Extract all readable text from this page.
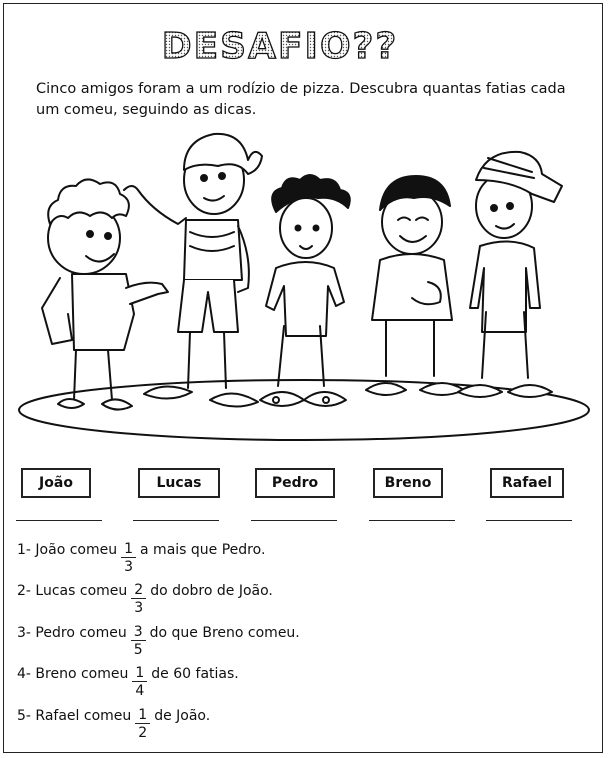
DESAFIO??

Cinco amigos foram a um rodízio de pizza. Descubra quantas fatias cada um comeu, seguindo as dicas.

João	Lucas	Pedro	Breno	Rafael
1-
João comeu $\frac{1}{3}$ a mais que Pedro.
2-
Lucas comeu $\frac{2}{3}$ do dobro de João.
3-
Pedro comeu $\frac{3}{5}$ do que Breno comeu.
4-
Breno comeu $\frac{1}{4}$ de 60 fatias.
5-
Rafael comeu $\frac{1}{2}$ de João.
